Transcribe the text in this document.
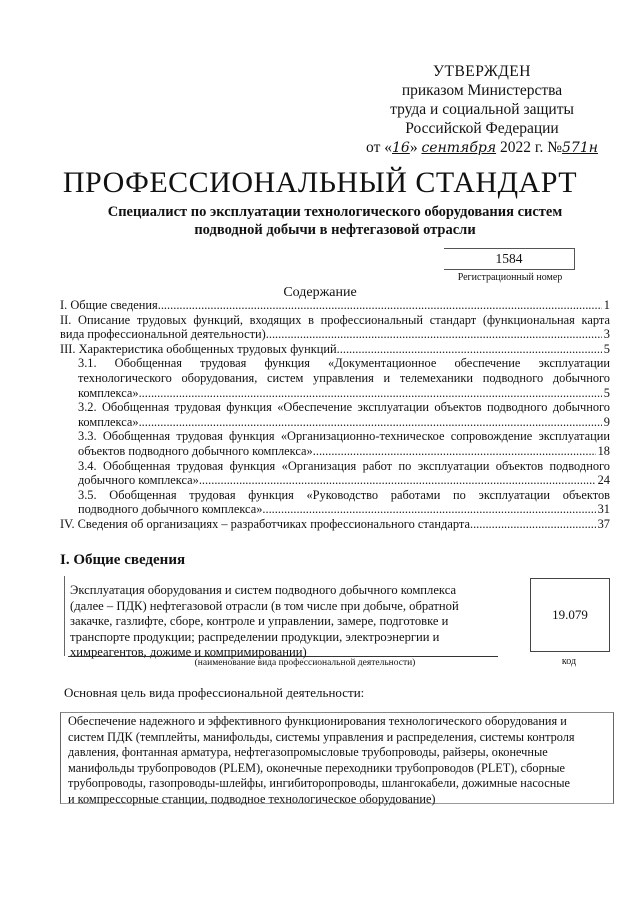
УТВЕРЖДЕН
приказом Министерства
труда и социальной защиты
Российской Федерации
от «16» сентября 2022 г. №571н
ПРОФЕССИОНАЛЬНЫЙ СТАНДАРТ
Специалист по эксплуатации технологического оборудования систем
подводной добычи в нефтегазовой отрасли
1584
Регистрационный номер
Содержание
I. Общие сведения .....	1
II. Описание трудовых функций, входящих в профессиональный стандарт (функциональная карта
вида профессиональной деятельности) .....	3
III. Характеристика обобщенных трудовых функций .....	5
3.1. Обобщенная трудовая функция «Документационное обеспечение эксплуатации
технологического оборудования, систем управления и телемеханики подводного добычного
комплекса» .....	5
3.2. Обобщенная трудовая функция «Обеспечение эксплуатации объектов подводного добычного
комплекса» .....	9
3.3. Обобщенная трудовая функция «Организационно-техническое сопровождение эксплуатации
объектов подводного добычного комплекса» .....	18
3.4. Обобщенная трудовая функция «Организация работ по эксплуатации объектов подводного
добычного комплекса» .....	24
3.5. Обобщенная трудовая функция «Руководство работами по эксплуатации объектов
подводного добычного комплекса» .....	31
IV. Сведения об организациях – разработчиках профессионального стандарта .....	37
I. Общие сведения
Эксплуатация оборудования и систем подводного добычного комплекса
(далее – ПДК) нефтегазовой отрасли (в том числе при добыче, обратной
закачке, газлифте, сборе, контроле и управлении, замере, подготовке и
транспорте продукции; распределении продукции, электроэнергии и
химреагентов, дожиме и компримировании)
(наименование вида профессиональной деятельности)
19.079
код
Основная цель вида профессиональной деятельности:
Обеспечение надежного и эффективного функционирования технологического оборудования и
систем ПДК (темплейты, манифольды, системы управления и распределения, системы контроля
давления, фонтанная арматура, нефтегазопромысловые трубопроводы, райзеры, оконечные
манифольды трубопроводов (PLEM), оконечные переходники трубопроводов (PLET), сборные
трубопроводы, газопроводы-шлейфы, ингибиторопроводы, шлангокабели, дожимные насосные
и компрессорные станции, подводное технологическое оборудование)
